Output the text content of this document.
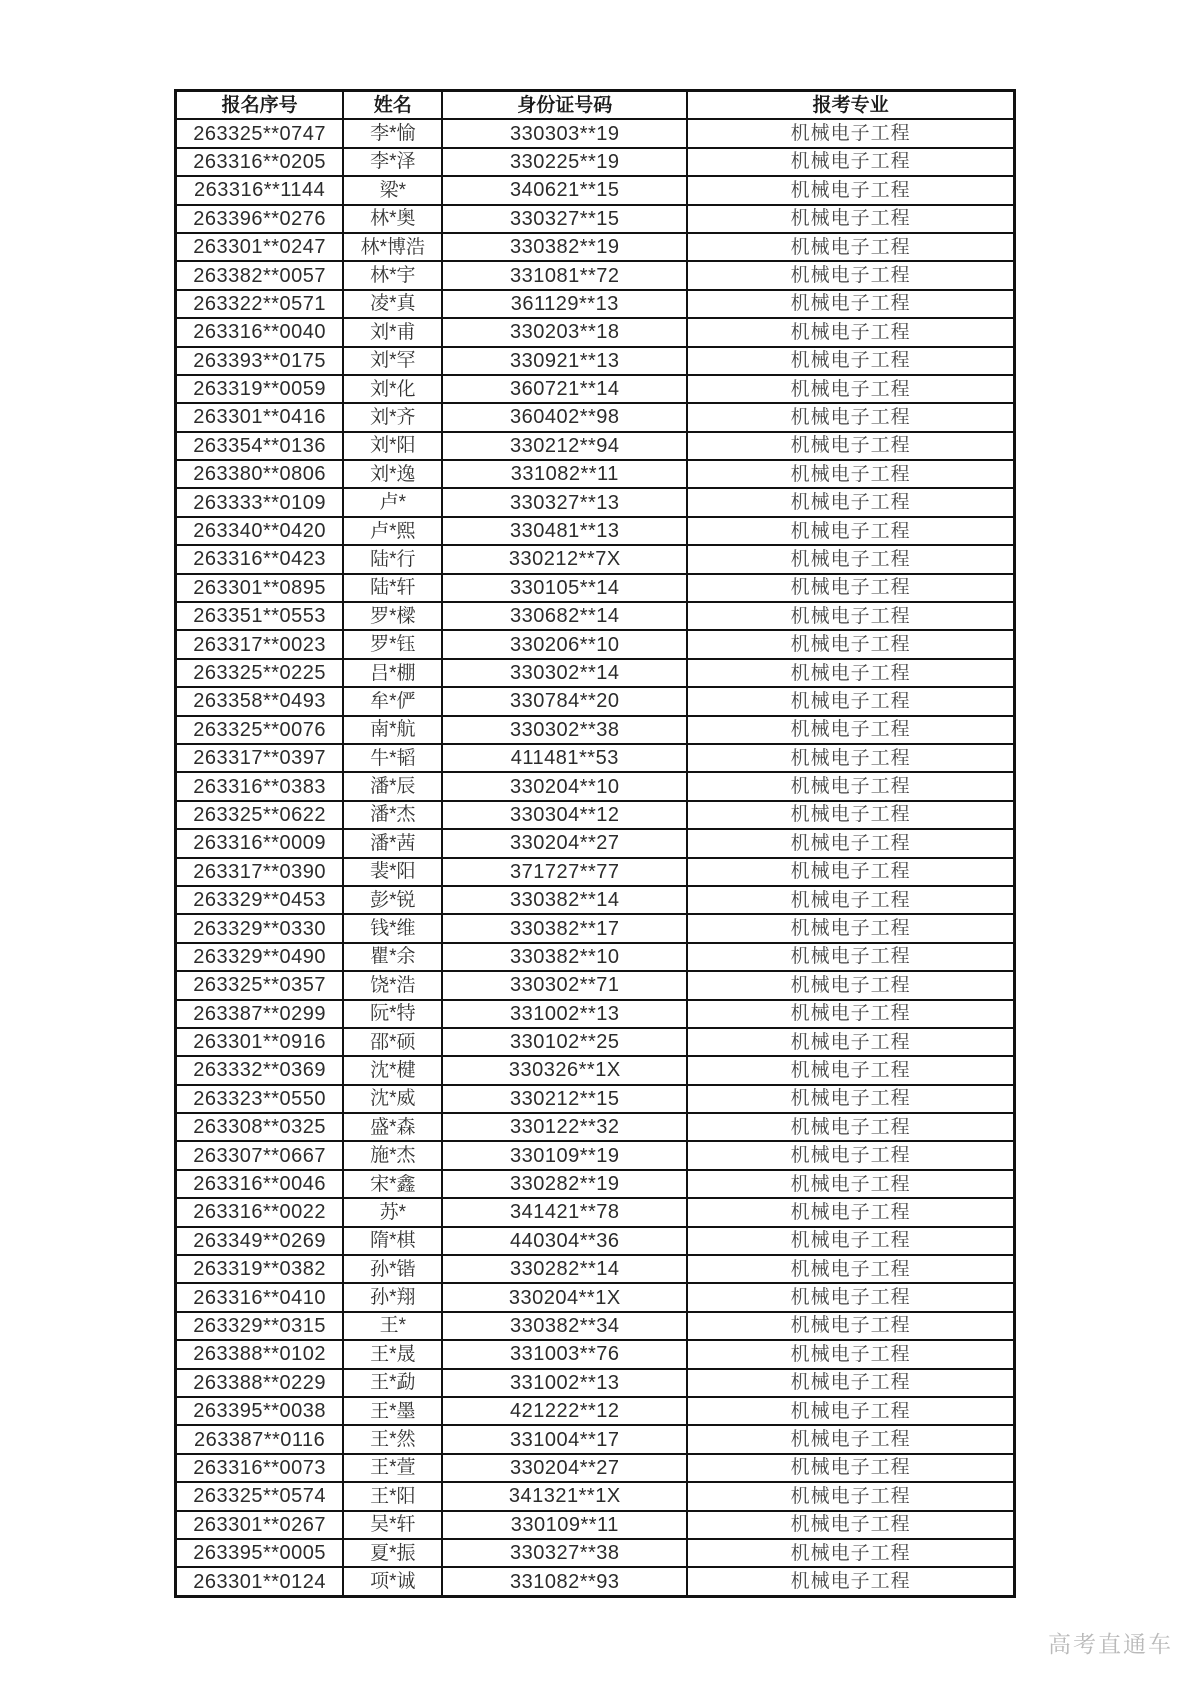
报名序号	姓名	身份证号码	报考专业
263325**0747	李*愉	330303**19	机械电子工程
263316**0205	李*泽	330225**19	机械电子工程
263316**1144	梁*	340621**15	机械电子工程
263396**0276	林*奥	330327**15	机械电子工程
263301**0247	林*博浩	330382**19	机械电子工程
263382**0057	林*宇	331081**72	机械电子工程
263322**0571	凌*真	361129**13	机械电子工程
263316**0040	刘*甫	330203**18	机械电子工程
263393**0175	刘*罕	330921**13	机械电子工程
263319**0059	刘*化	360721**14	机械电子工程
263301**0416	刘*齐	360402**98	机械电子工程
263354**0136	刘*阳	330212**94	机械电子工程
263380**0806	刘*逸	331082**11	机械电子工程
263333**0109	卢*	330327**13	机械电子工程
263340**0420	卢*熙	330481**13	机械电子工程
263316**0423	陆*行	330212**7X	机械电子工程
263301**0895	陆*轩	330105**14	机械电子工程
263351**0553	罗*樑	330682**14	机械电子工程
263317**0023	罗*钰	330206**10	机械电子工程
263325**0225	吕*棚	330302**14	机械电子工程
263358**0493	牟*俨	330784**20	机械电子工程
263325**0076	南*航	330302**38	机械电子工程
263317**0397	牛*韬	411481**53	机械电子工程
263316**0383	潘*辰	330204**10	机械电子工程
263325**0622	潘*杰	330304**12	机械电子工程
263316**0009	潘*茜	330204**27	机械电子工程
263317**0390	裴*阳	371727**77	机械电子工程
263329**0453	彭*锐	330382**14	机械电子工程
263329**0330	钱*维	330382**17	机械电子工程
263329**0490	瞿*余	330382**10	机械电子工程
263325**0357	饶*浩	330302**71	机械电子工程
263387**0299	阮*特	331002**13	机械电子工程
263301**0916	邵*硕	330102**25	机械电子工程
263332**0369	沈*楗	330326**1X	机械电子工程
263323**0550	沈*威	330212**15	机械电子工程
263308**0325	盛*森	330122**32	机械电子工程
263307**0667	施*杰	330109**19	机械电子工程
263316**0046	宋*鑫	330282**19	机械电子工程
263316**0022	苏*	341421**78	机械电子工程
263349**0269	隋*棋	440304**36	机械电子工程
263319**0382	孙*锴	330282**14	机械电子工程
263316**0410	孙*翔	330204**1X	机械电子工程
263329**0315	王*	330382**34	机械电子工程
263388**0102	王*晟	331003**76	机械电子工程
263388**0229	王*勐	331002**13	机械电子工程
263395**0038	王*墨	421222**12	机械电子工程
263387**0116	王*然	331004**17	机械电子工程
263316**0073	王*萱	330204**27	机械电子工程
263325**0574	王*阳	341321**1X	机械电子工程
263301**0267	吴*轩	330109**11	机械电子工程
263395**0005	夏*振	330327**38	机械电子工程
263301**0124	项*诚	331082**93	机械电子工程
高考直通车
